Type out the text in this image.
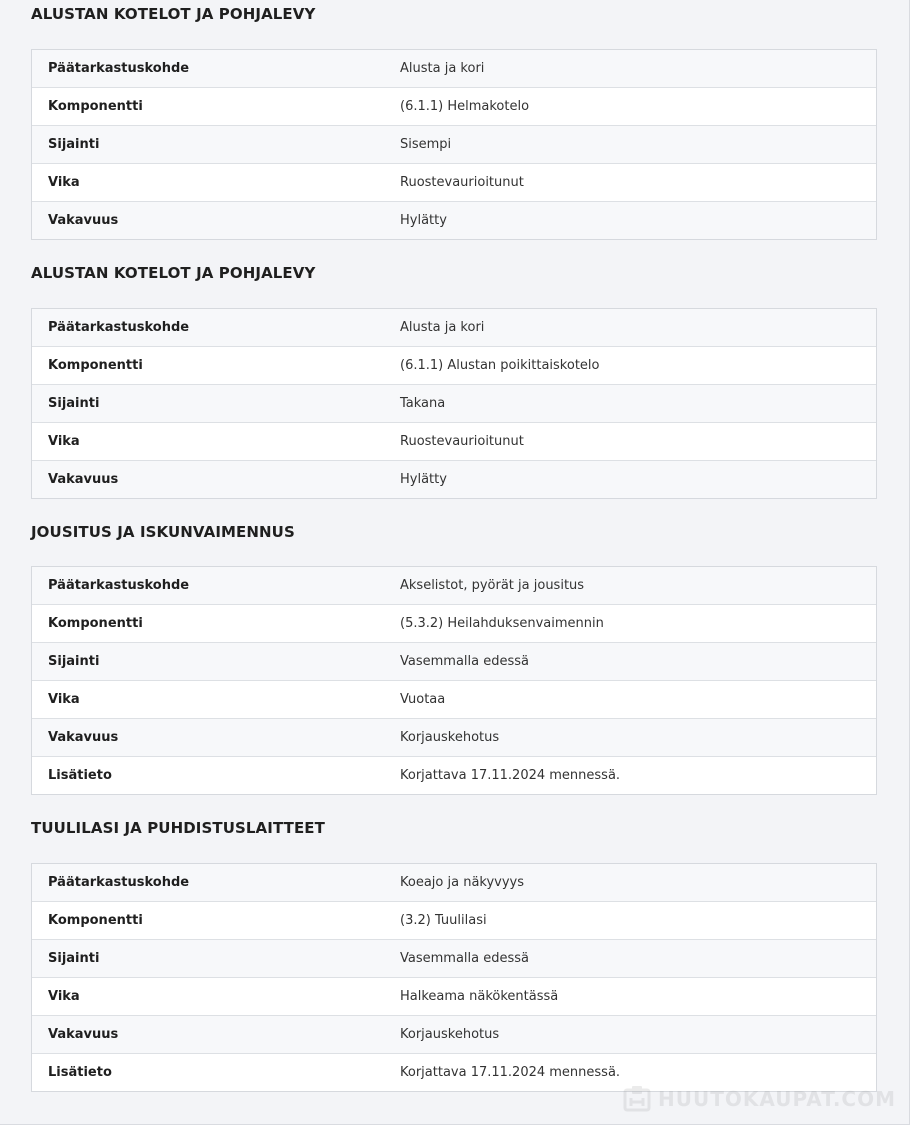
ALUSTAN KOTELOT JA POHJALEVY
Päätarkastuskohde	Alusta ja kori
Komponentti	(6.1.1) Helmakotelo
Sijainti	Sisempi
Vika	Ruostevaurioitunut
Vakavuus	Hylätty
ALUSTAN KOTELOT JA POHJALEVY
Päätarkastuskohde	Alusta ja kori
Komponentti	(6.1.1) Alustan poikittaiskotelo
Sijainti	Takana
Vika	Ruostevaurioitunut
Vakavuus	Hylätty
JOUSITUS JA ISKUNVAIMENNUS
Päätarkastuskohde	Akselistot, pyörät ja jousitus
Komponentti	(5.3.2) Heilahduksenvaimennin
Sijainti	Vasemmalla edessä
Vika	Vuotaa
Vakavuus	Korjauskehotus
Lisätieto	Korjattava 17.11.2024 mennessä.
TUULILASI JA PUHDISTUSLAITTEET
Päätarkastuskohde	Koeajo ja näkyvyys
Komponentti	(3.2) Tuulilasi
Sijainti	Vasemmalla edessä
Vika	Halkeama näkökentässä
Vakavuus	Korjauskehotus
Lisätieto	Korjattava 17.11.2024 mennessä.
HUUTOKAUPAT.COM
